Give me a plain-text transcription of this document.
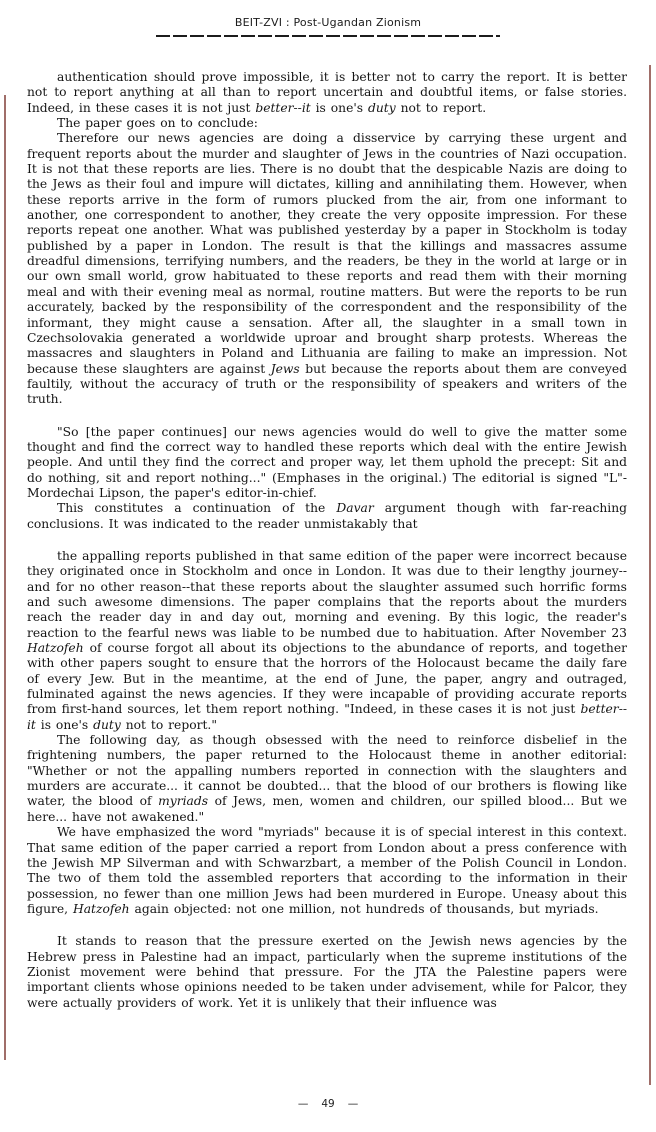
BEIT-ZVI : Post-Ugandan Zionism

authentication should prove impossible, it is better not to carry the report. It is better not to report anything at all than to report uncertain and doubtful items, or false stories. Indeed, in these cases it is not just better--it is one's duty not to report.

The paper goes on to conclude:

Therefore our news agencies are doing a disservice by carrying these urgent and frequent reports about the murder and slaughter of Jews in the countries of Nazi occupation. It is not that these reports are lies. There is no doubt that the despicable Nazis are doing to the Jews as their foul and impure will dictates, killing and annihilating them. However, when these reports arrive in the form of rumors plucked from the air, from one informant to another, one correspondent to another, they create the very opposite impression. For these reports repeat one another. What was published yesterday by a paper in Stockholm is today published by a paper in London. The result is that the killings and massacres assume dreadful dimensions, terrifying numbers, and the readers, be they in the world at large or in our own small world, grow habituated to these reports and read them with their morning meal and with their evening meal as normal, routine matters. But were the reports to be run accurately, backed by the responsibility of the correspondent and the responsibility of the informant, they might cause a sensation. After all, the slaughter in a small town in Czechsolovakia generated a worldwide uproar and brought sharp protests. Whereas the massacres and slaughters in Poland and Lithuania are failing to make an impression. Not because these slaughters are against Jews but because the reports about them are conveyed faultily, without the accuracy of truth or the responsibility of speakers and writers of the truth.

"So [the paper continues] our news agencies would do well to give the matter some thought and find the correct way to handled these reports which deal with the entire Jewish people. And until they find the correct and proper way, let them uphold the precept: Sit and do nothing, sit and report nothing..." (Emphases in the original.) The editorial is signed "L"-Mordechai Lipson, the paper's editor-in-chief.

This constitutes a continuation of the Davar argument though with far-reaching conclusions. It was indicated to the reader unmistakably that

the appalling reports published in that same edition of the paper were incorrect because they originated once in Stockholm and once in London. It was due to their lengthy journey--and for no other reason--that these reports about the slaughter assumed such horrific forms and such awesome dimensions. The paper complains that the reports about the murders reach the reader day in and day out, morning and evening. By this logic, the reader's reaction to the fearful news was liable to be numbed due to habituation. After November 23 Hatzofeh of course forgot all about its objections to the abundance of reports, and together with other papers sought to ensure that the horrors of the Holocaust became the daily fare of every Jew. But in the meantime, at the end of June, the paper, angry and outraged, fulminated against the news agencies. If they were incapable of providing accurate reports from first-hand sources, let them report nothing. "Indeed, in these cases it is not just better--it is one's duty not to report."

The following day, as though obsessed with the need to reinforce disbelief in the frightening numbers, the paper returned to the Holocaust theme in another editorial: "Whether or not the appalling numbers reported in connection with the slaughters and murders are accurate... it cannot be doubted... that the blood of our brothers is flowing like water, the blood of myriads of Jews, men, women and children, our spilled blood... But we here... have not awakened."

We have emphasized the word "myriads" because it is of special interest in this context. That same edition of the paper carried a report from London about a press conference with the Jewish MP Silverman and with Schwarzbart, a member of the Polish Council in London. The two of them told the assembled reporters that according to the information in their possession, no fewer than one million Jews had been murdered in Europe. Uneasy about this figure, Hatzofeh again objected: not one million, not hundreds of thousands, but myriads.

It stands to reason that the pressure exerted on the Jewish news agencies by the Hebrew press in Palestine had an impact, particularly when the supreme institutions of the Zionist movement were behind that pressure. For the JTA the Palestine papers were important clients whose opinions needed to be taken under advisement, while for Palcor, they were actually providers of work. Yet it is unlikely that their influence was

— 49 —
